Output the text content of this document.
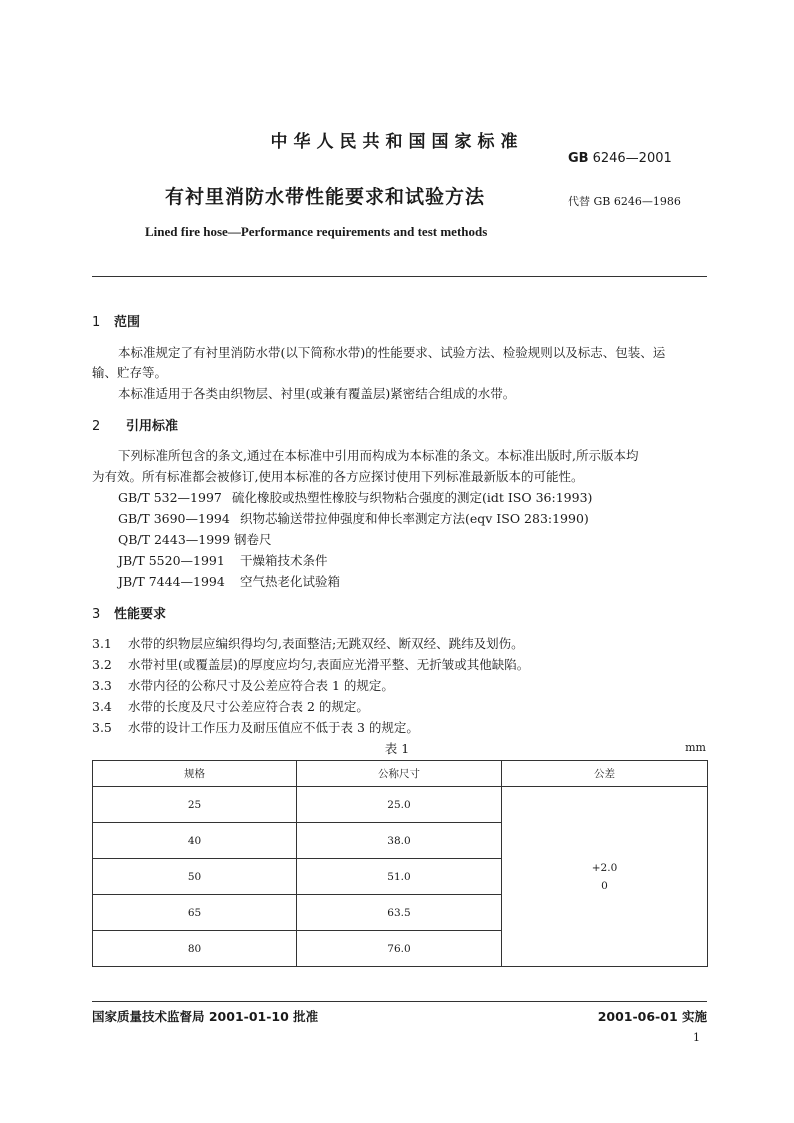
中华人民共和国国家标准
GB 6246—2001
有衬里消防水带性能要求和试验方法	代替 GB 6246—1986
Lined fire hose—Performance requirements and test methods
1 范围
本标准规定了有衬里消防水带(以下简称水带)的性能要求、试验方法、检验规则以及标志、包装、运
输、贮存等。
本标准适用于各类由织物层、衬里(或兼有覆盖层)紧密结合组成的水带。
2 引用标准
下列标准所包含的条文,通过在本标准中引用而构成为本标准的条文。本标准出版时,所示版本均
为有效。所有标准都会被修订,使用本标准的各方应探讨使用下列标准最新版本的可能性。
GB/T 532—1997 硫化橡胶或热塑性橡胶与织物粘合强度的测定(idt ISO 36:1993)
GB/T 3690—1994 织物芯输送带拉伸强度和伸长率测定方法(eqv ISO 283:1990)
QB/T 2443—1999 钢卷尺
JB/T 5520—1991 干燥箱技术条件
JB/T 7444—1994 空气热老化试验箱
3 性能要求
3.1 水带的织物层应编织得均匀,表面整洁;无跳双经、断双经、跳纬及划伤。
3.2 水带衬里(或覆盖层)的厚度应均匀,表面应光滑平整、无折皱或其他缺陷。
3.3 水带内径的公称尺寸及公差应符合表 1 的规定。
3.4 水带的长度及尺寸公差应符合表 2 的规定。
3.5 水带的设计工作压力及耐压值应不低于表 3 的规定。
表 1	mm
规格	公称尺寸	公差
25	25.0	+2.0
0
40	38.0	
50	51.0	
65	63.5	
80	76.0	
国家质量技术监督局 2001-01-10 批准	2001-06-01 实施
1
